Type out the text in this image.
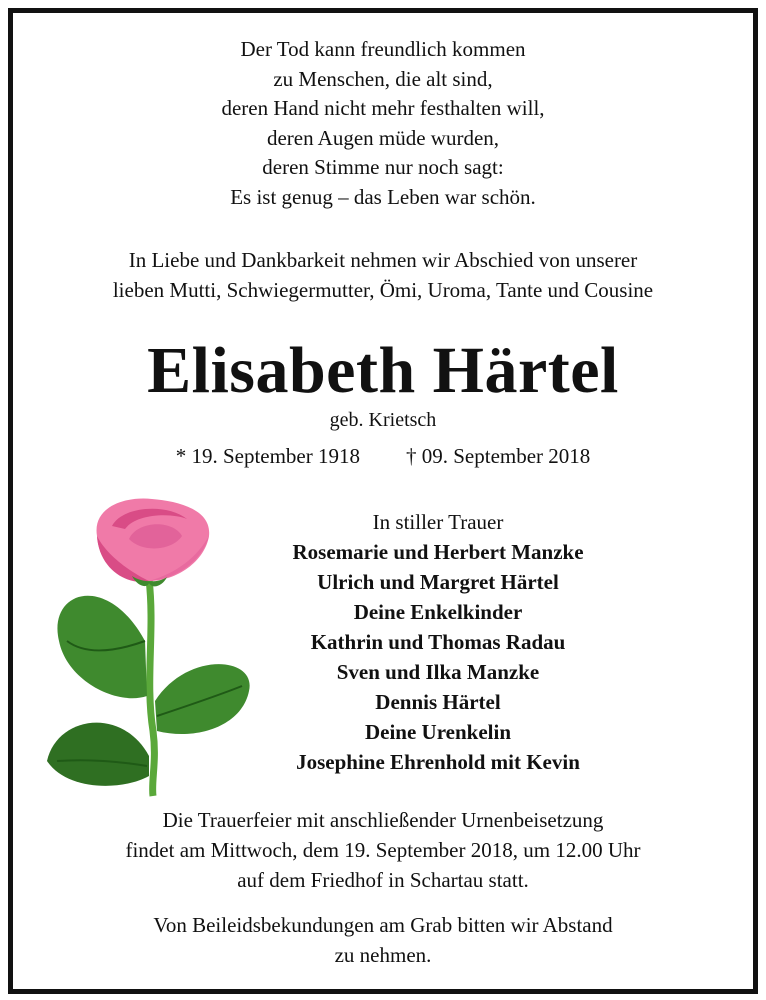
Der Tod kann freundlich kommen
zu Menschen, die alt sind,
deren Hand nicht mehr festhalten will,
deren Augen müde wurden,
deren Stimme nur noch sagt:
Es ist genug – das Leben war schön.
In Liebe und Dankbarkeit nehmen wir Abschied von unserer
lieben Mutti, Schwiegermutter, Ömi, Uroma, Tante und Cousine
Elisabeth Härtel
geb. Krietsch
* 19. September 1918 † 09. September 2018
In stiller Trauer
Rosemarie und Herbert Manzke
Ulrich und Margret Härtel
Deine Enkelkinder
Kathrin und Thomas Radau
Sven und Ilka Manzke
Dennis Härtel
Deine Urenkelin
Josephine Ehrenhold mit Kevin
Die Trauerfeier mit anschließender Urnenbeisetzung
findet am Mittwoch, dem 19. September 2018, um 12.00 Uhr
auf dem Friedhof in Schartau statt.
Von Beileidsbekundungen am Grab bitten wir Abstand
zu nehmen.
